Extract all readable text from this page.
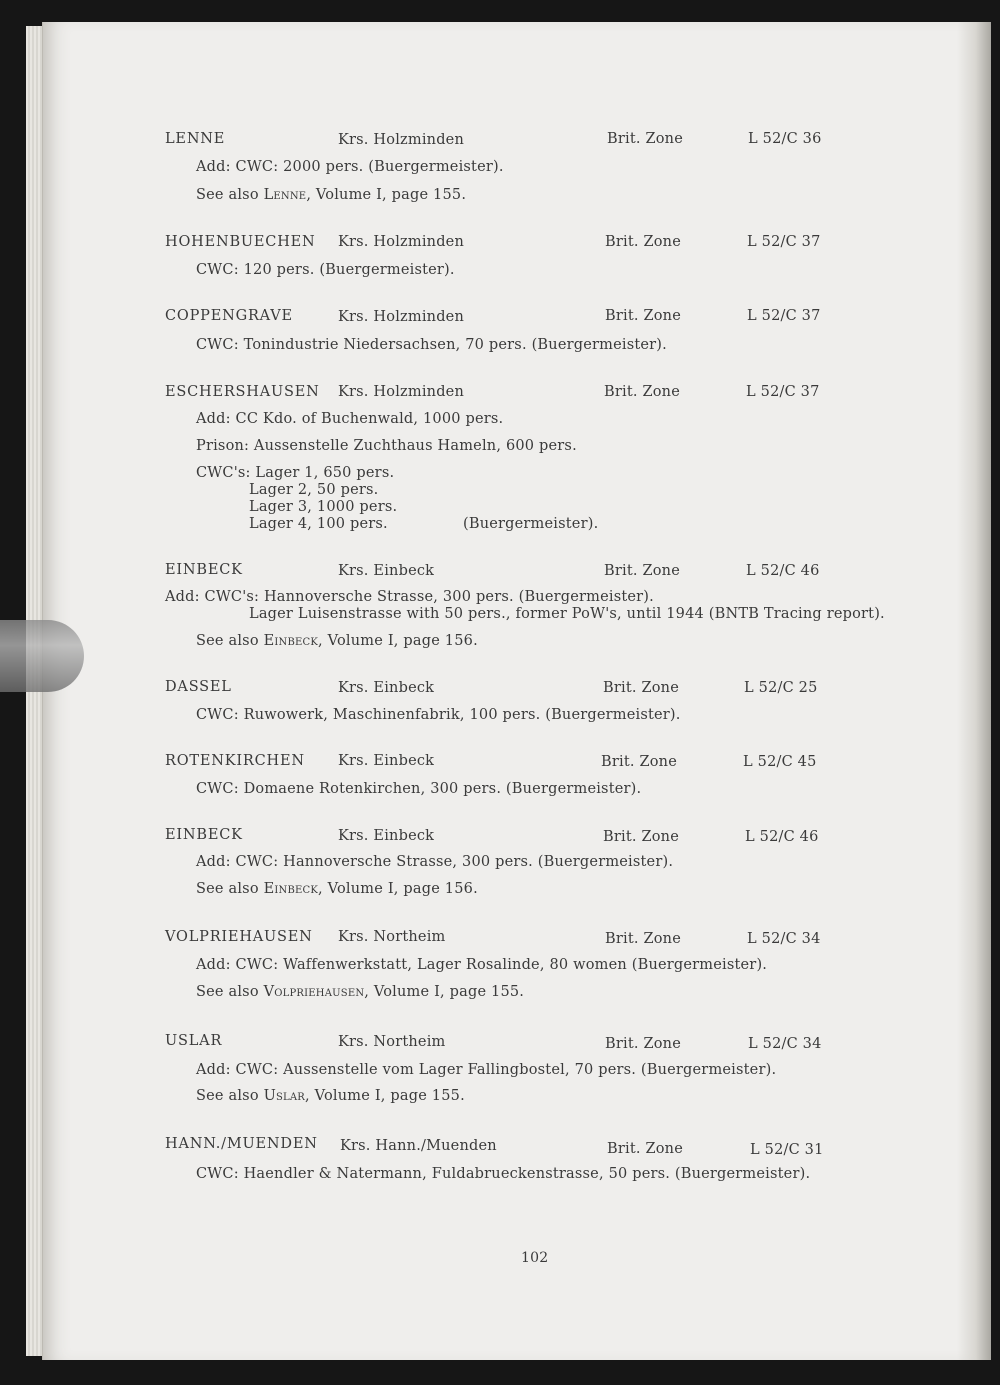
LENNE	Krs. Holzminden	Brit. Zone	L 52/C 36

Add: CWC: 2000 pers. (Buergermeister).

See also Lenne, Volume I, page 155.

HOHENBUECHEN Krs. Holzminden	Brit. Zone	L 52/C 37

CWC: 120 pers. (Buergermeister).

COPPENGRAVE	Krs. Holzminden	Brit. Zone	L 52/C 37

CWC: Tonindustrie Niedersachsen, 70 pers. (Buergermeister).

ESCHERSHAUSEN Krs. Holzminden	Brit. Zone	L 52/C 37

Add: CC Kdo. of Buchenwald, 1000 pers.

Prison: Aussenstelle Zuchthaus Hameln, 600 pers.

CWC's: Lager 1, 650 pers.

Lager 2, 50 pers.

Lager 3, 1000 pers.

Lager 4, 100 pers.	(Buergermeister).

EINBECK	Krs. Einbeck	Brit. Zone	L 52/C 46

Add: CWC's: Hannoversche Strasse, 300 pers. (Buergermeister).

Lager Luisenstrasse with 50 pers., former PoW's, until 1944 (BNTB Tracing report).

See also Einbeck, Volume I, page 156.

DASSEL	Krs. Einbeck	Brit. Zone	L 52/C 25

CWC: Ruwowerk, Maschinenfabrik, 100 pers. (Buergermeister).

ROTENKIRCHEN Krs. Einbeck	Brit. Zone	L 52/C 45

CWC: Domaene Rotenkirchen, 300 pers. (Buergermeister).

EINBECK	Krs. Einbeck	Brit. Zone	L 52/C 46

Add: CWC: Hannoversche Strasse, 300 pers. (Buergermeister).

See also Einbeck, Volume I, page 156.

VOLPRIEHAUSEN Krs. Northeim	Brit. Zone	L 52/C 34

Add: CWC: Waffenwerkstatt, Lager Rosalinde, 80 women (Buergermeister).

See also Volpriehausen, Volume I, page 155.

USLAR	Krs. Northeim	Brit. Zone	L 52/C 34

Add: CWC: Aussenstelle vom Lager Fallingbostel, 70 pers. (Buergermeister).

See also Uslar, Volume I, page 155.

HANN./MUENDEN Krs. Hann./Muenden	Brit. Zone	L 52/C 31

CWC: Haendler & Natermann, Fuldabrueckenstrasse, 50 pers. (Buergermeister).

102
